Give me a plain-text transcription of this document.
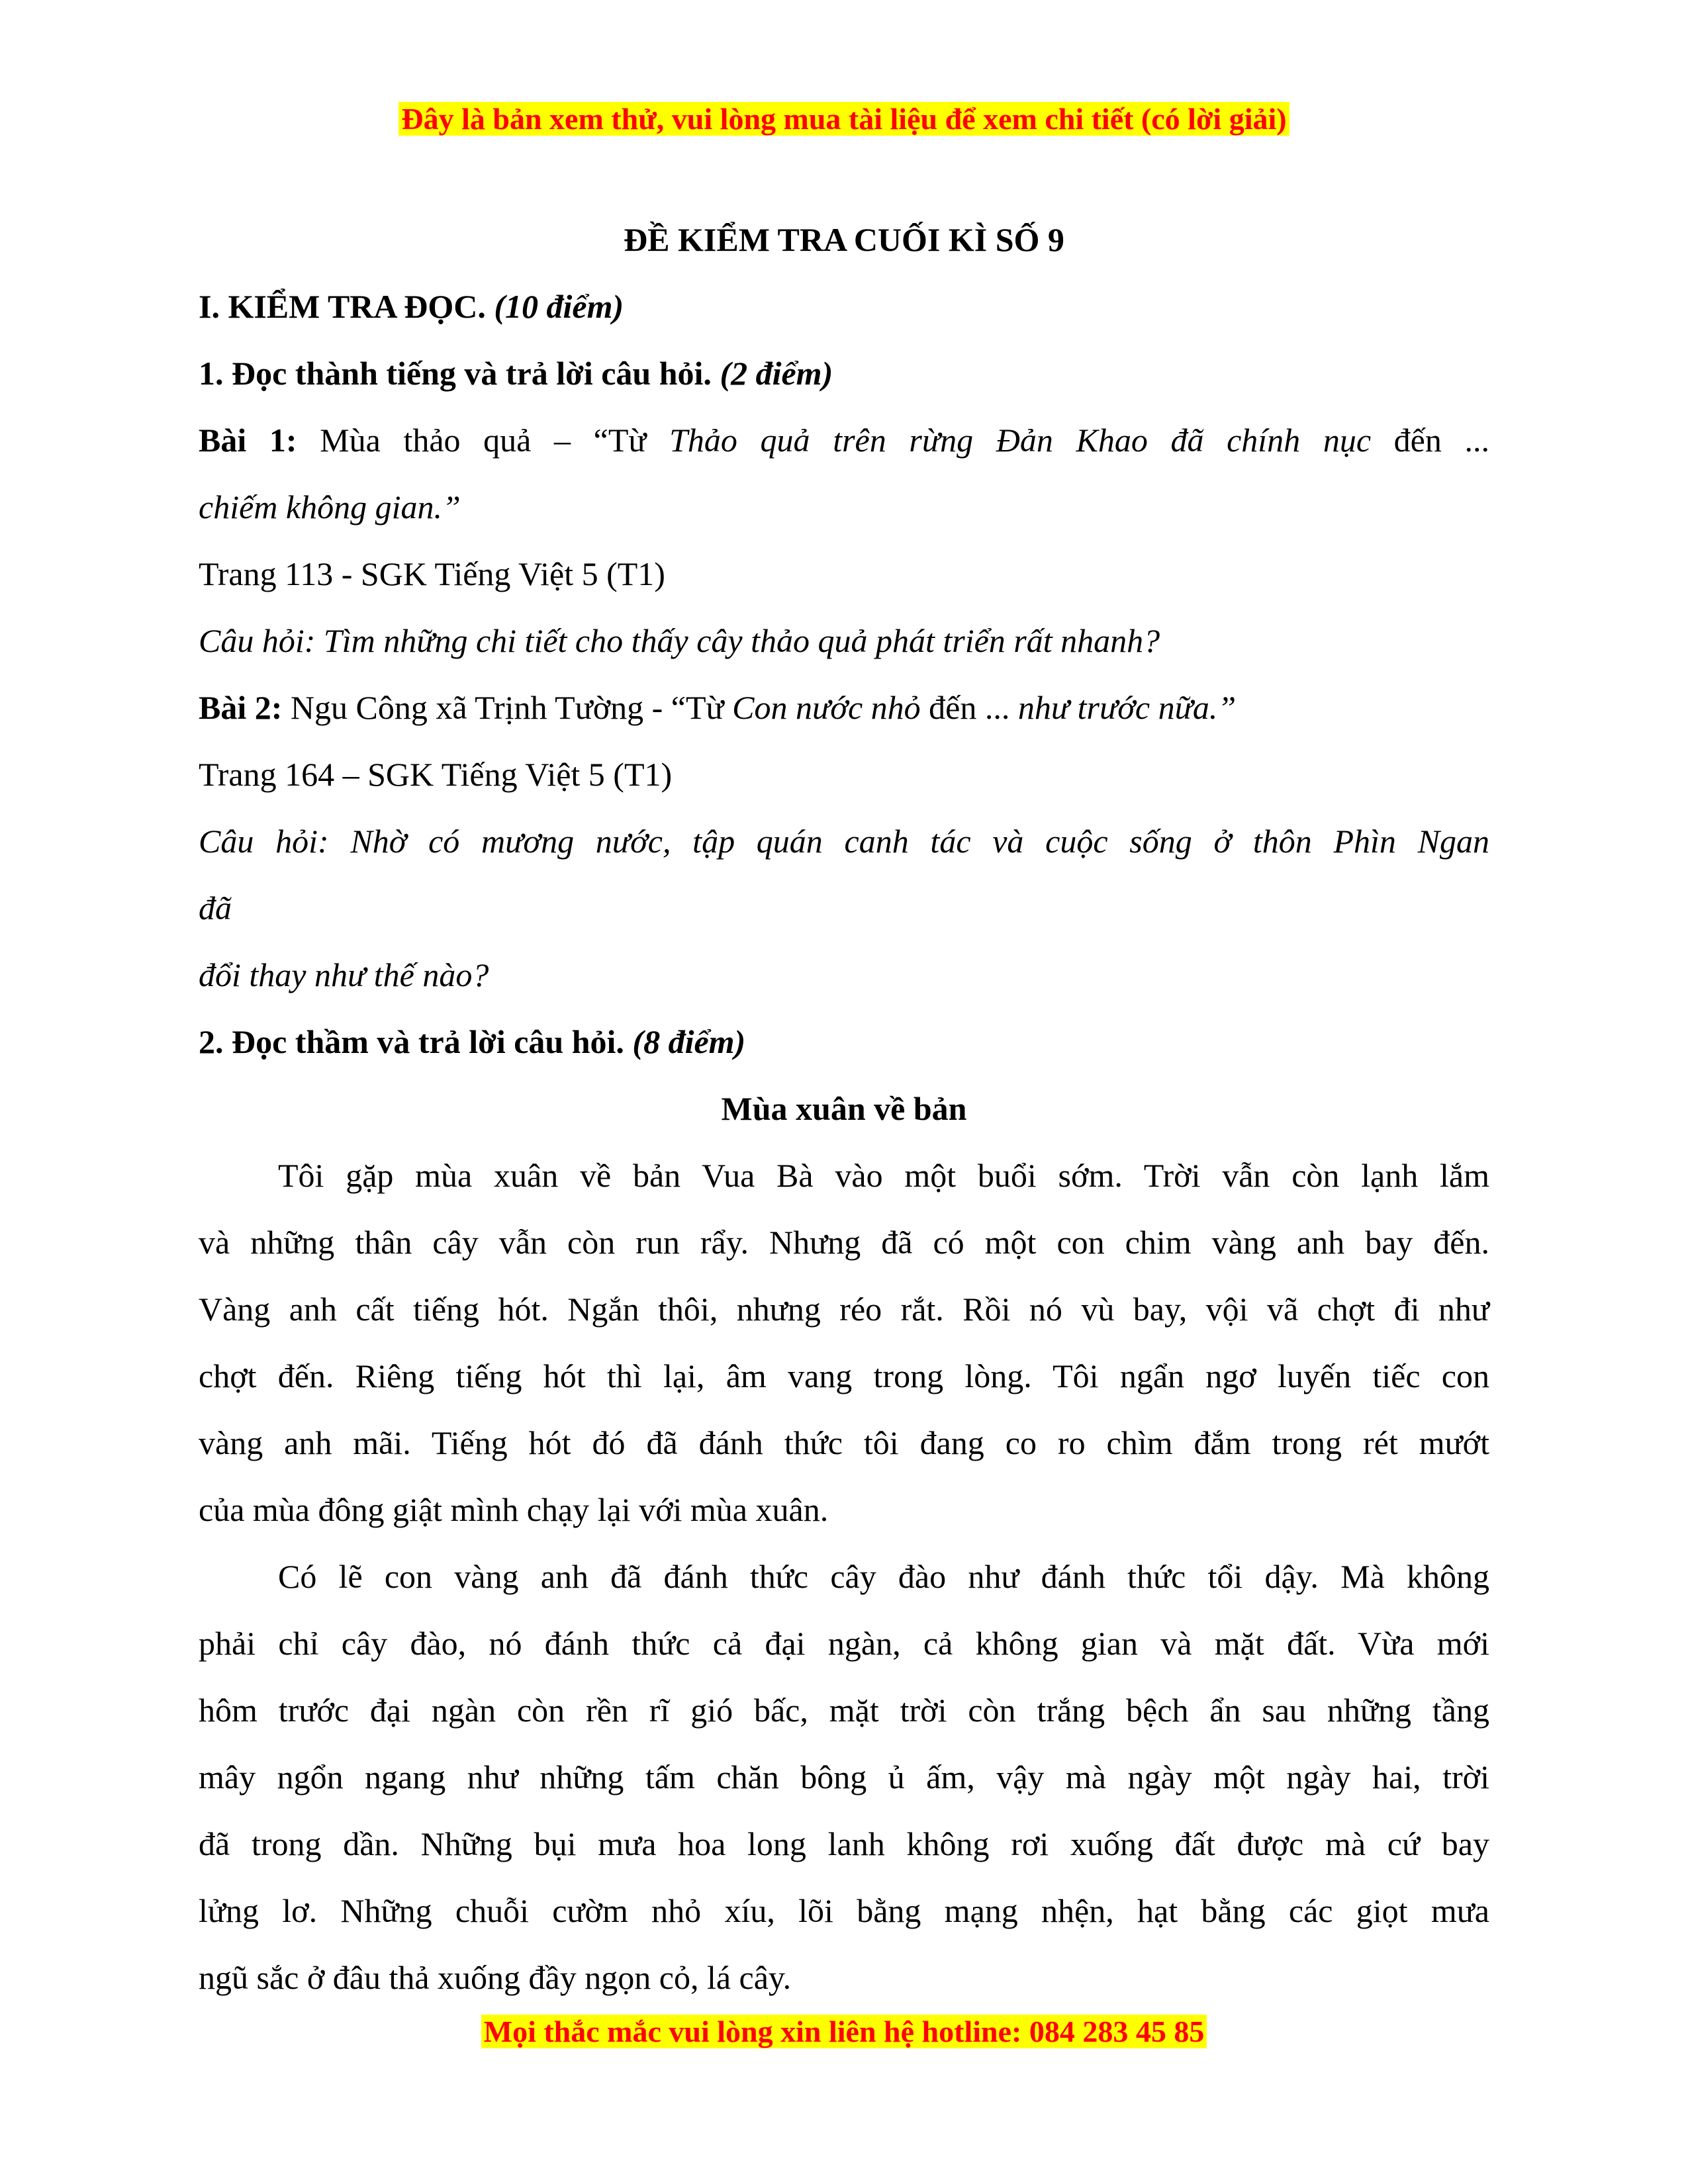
Đây là bản xem thử, vui lòng mua tài liệu để xem chi tiết (có lời giải)

ĐỀ KIỂM TRA CUỐI KÌ SỐ 9

I. KIỂM TRA ĐỌC. (10 điểm)

1. Đọc thành tiếng và trả lời câu hỏi. (2 điểm)

Bài 1: Mùa thảo quả – “Từ Thảo quả trên rừng Đản Khao đã chính nục đến ...

chiếm không gian.”

Trang 113 - SGK Tiếng Việt 5 (T1)

Câu hỏi: Tìm những chi tiết cho thấy cây thảo quả phát triển rất nhanh?

Bài 2: Ngu Công xã Trịnh Tường - “Từ Con nước nhỏ đến ... như trước nữa.”

Trang 164 – SGK Tiếng Việt 5 (T1)

Câu hỏi: Nhờ có mương nước, tập quán canh tác và cuộc sống ở thôn Phìn Ngan

đã

đổi thay như thế nào?

2. Đọc thầm và trả lời câu hỏi. (8 điểm)

Mùa xuân về bản

Tôi gặp mùa xuân về bản Vua Bà vào một buổi sớm. Trời vẫn còn lạnh lắm

và những thân cây vẫn còn run rẩy. Nhưng đã có một con chim vàng anh bay đến.

Vàng anh cất tiếng hót. Ngắn thôi, nhưng réo rắt. Rồi nó vù bay, vội vã chợt đi như

chợt đến. Riêng tiếng hót thì lại, âm vang trong lòng. Tôi ngẩn ngơ luyến tiếc con

vàng anh mãi. Tiếng hót đó đã đánh thức tôi đang co ro chìm đắm trong rét mướt

của mùa đông giật mình chạy lại với mùa xuân.

Có lẽ con vàng anh đã đánh thức cây đào như đánh thức tổi dậy. Mà không

phải chỉ cây đào, nó đánh thức cả đại ngàn, cả không gian và mặt đất. Vừa mới

hôm trước đại ngàn còn rền rĩ gió bấc, mặt trời còn trắng bệch ẩn sau những tầng

mây ngổn ngang như những tấm chăn bông ủ ấm, vậy mà ngày một ngày hai, trời

đã trong dần. Những bụi mưa hoa long lanh không rơi xuống đất được mà cứ bay

lửng lơ. Những chuỗi cườm nhỏ xíu, lõi bằng mạng nhện, hạt bằng các giọt mưa

ngũ sắc ở đâu thả xuống đầy ngọn cỏ, lá cây.

Mọi thắc mắc vui lòng xin liên hệ hotline: 084 283 45 85
